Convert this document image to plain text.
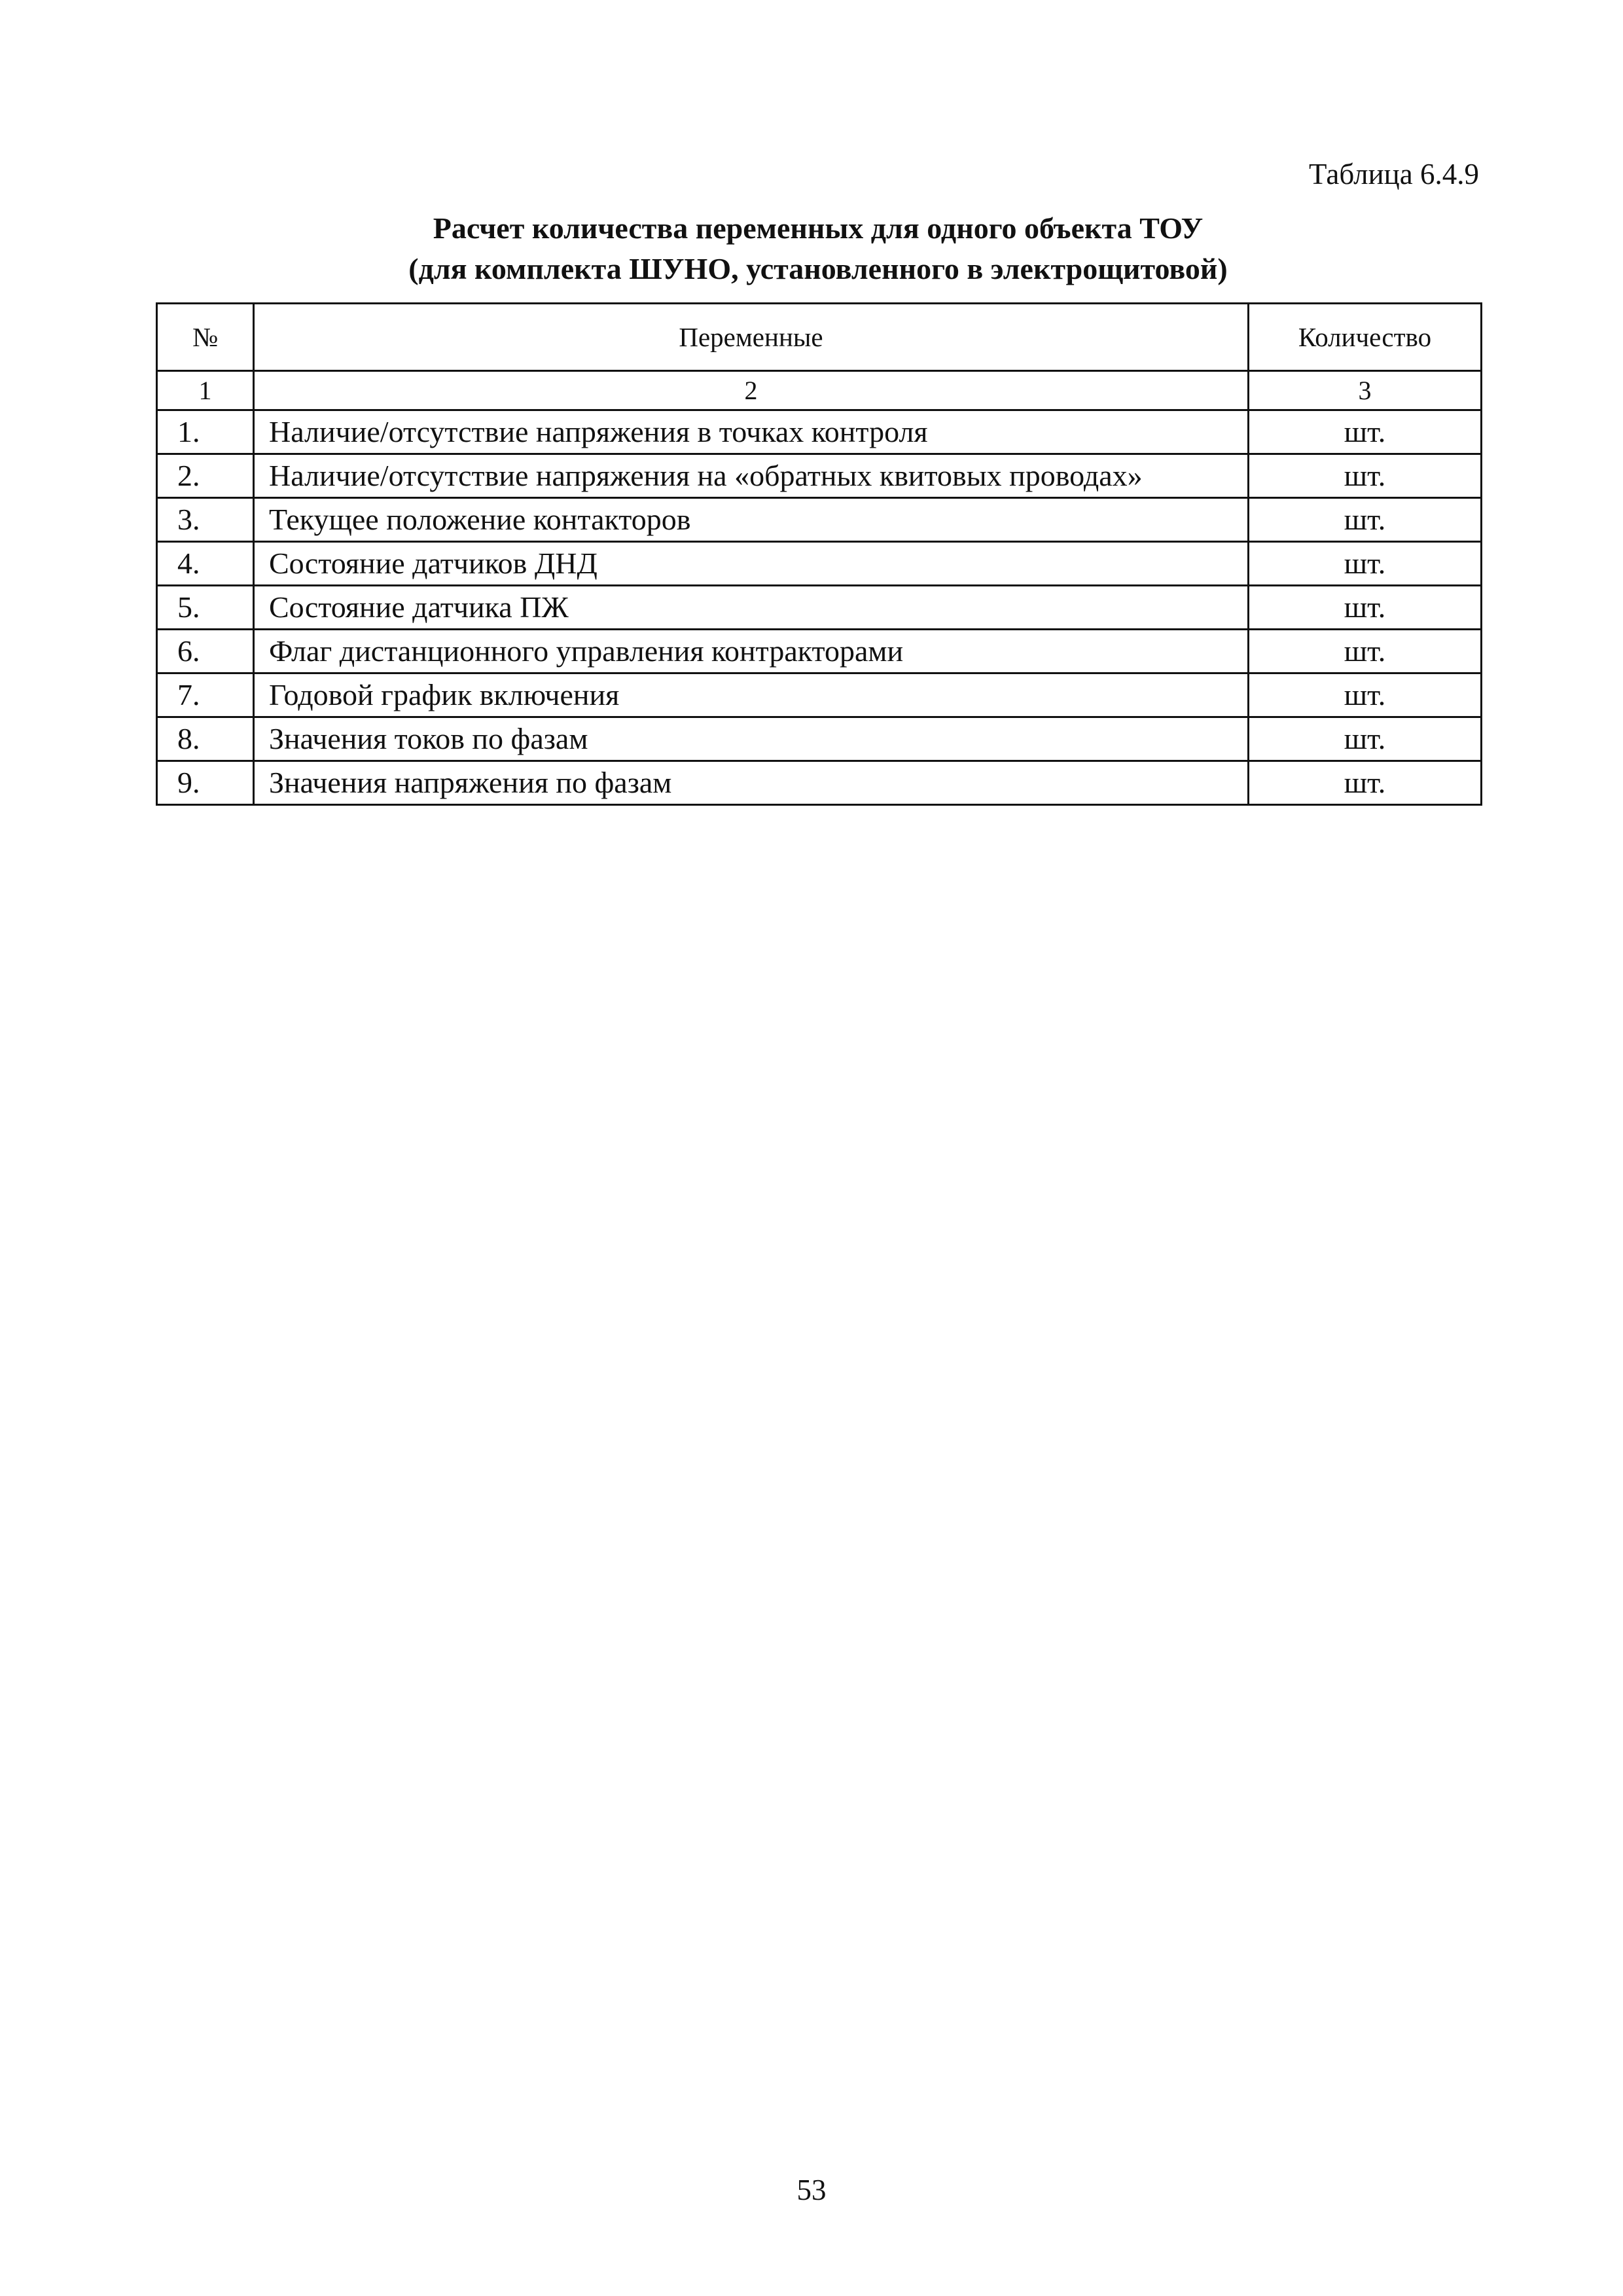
Таблица 6.4.9
Расчет количества переменных для одного объекта ТОУ
(для комплекта ШУНО, установленного в электрощитовой)
№	Переменные	Количество
1	2	3
1.	Наличие/отсутствие напряжения в точках контроля	шт.
2.	Наличие/отсутствие напряжения на «обратных квитовых проводах»	шт.
3.	Текущее положение контакторов	шт.
4.	Состояние датчиков ДНД	шт.
5.	Состояние датчика ПЖ	шт.
6.	Флаг дистанционного управления контракторами	шт.
7.	Годовой график включения	шт.
8.	Значения токов по фазам	шт.
9.	Значения напряжения по фазам	шт.
53
